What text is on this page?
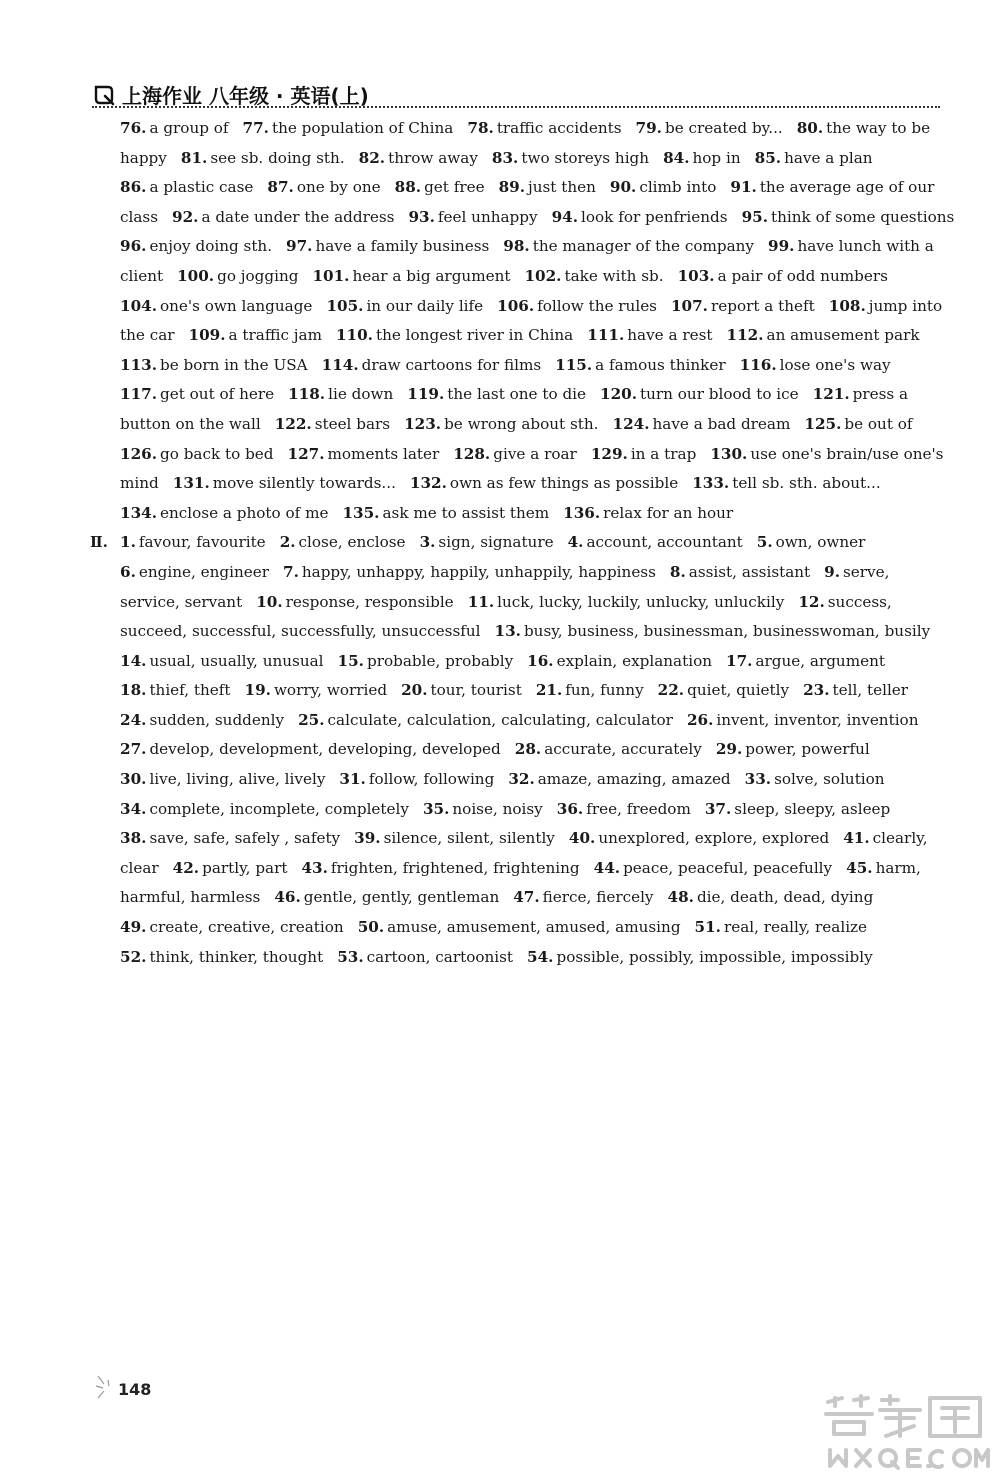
上海作业 八年级 · 英语(上)
76. a group of 77. the population of China 78. traffic accidents 79. be created by... 80. the way to be
happy 81. see sb. doing sth. 82. throw away 83. two storeys high 84. hop in 85. have a plan
86. a plastic case 87. one by one 88. get free 89. just then 90. climb into 91. the average age of our
class 92. a date under the address 93. feel unhappy 94. look for penfriends 95. think of some questions
96. enjoy doing sth. 97. have a family business 98. the manager of the company 99. have lunch with a
client 100. go jogging 101. hear a big argument 102. take with sb. 103. a pair of odd numbers
104. one's own language 105. in our daily life 106. follow the rules 107. report a theft 108. jump into
the car 109. a traffic jam 110. the longest river in China 111. have a rest 112. an amusement park
113. be born in the USA 114. draw cartoons for films 115. a famous thinker 116. lose one's way
117. get out of here 118. lie down 119. the last one to die 120. turn our blood to ice 121. press a
button on the wall 122. steel bars 123. be wrong about sth. 124. have a bad dream 125. be out of
126. go back to bed 127. moments later 128. give a roar 129. in a trap 130. use one's brain/use one's
mind 131. move silently towards... 132. own as few things as possible 133. tell sb. sth. about...
134. enclose a photo of me 135. ask me to assist them 136. relax for an hour
Ⅱ. 1. favour, favourite 2. close, enclose 3. sign, signature 4. account, accountant 5. own, owner
6. engine, engineer 7. happy, unhappy, happily, unhappily, happiness 8. assist, assistant 9. serve,
service, servant 10. response, responsible 11. luck, lucky, luckily, unlucky, unluckily 12. success,
succeed, successful, successfully, unsuccessful 13. busy, business, businessman, businesswoman, busily
14. usual, usually, unusual 15. probable, probably 16. explain, explanation 17. argue, argument
18. thief, theft 19. worry, worried 20. tour, tourist 21. fun, funny 22. quiet, quietly 23. tell, teller
24. sudden, suddenly 25. calculate, calculation, calculating, calculator 26. invent, inventor, invention
27. develop, development, developing, developed 28. accurate, accurately 29. power, powerful
30. live, living, alive, lively 31. follow, following 32. amaze, amazing, amazed 33. solve, solution
34. complete, incomplete, completely 35. noise, noisy 36. free, freedom 37. sleep, sleepy, asleep
38. save, safe, safely , safety 39. silence, silent, silently 40. unexplored, explore, explored 41. clearly,
clear 42. partly, part 43. frighten, frightened, frightening 44. peace, peaceful, peacefully 45. harm,
harmful, harmless 46. gentle, gently, gentleman 47. fierce, fiercely 48. die, death, dead, dying
49. create, creative, creation 50. amuse, amusement, amused, amusing 51. real, really, realize
52. think, thinker, thought 53. cartoon, cartoonist 54. possible, possibly, impossible, impossibly
148
